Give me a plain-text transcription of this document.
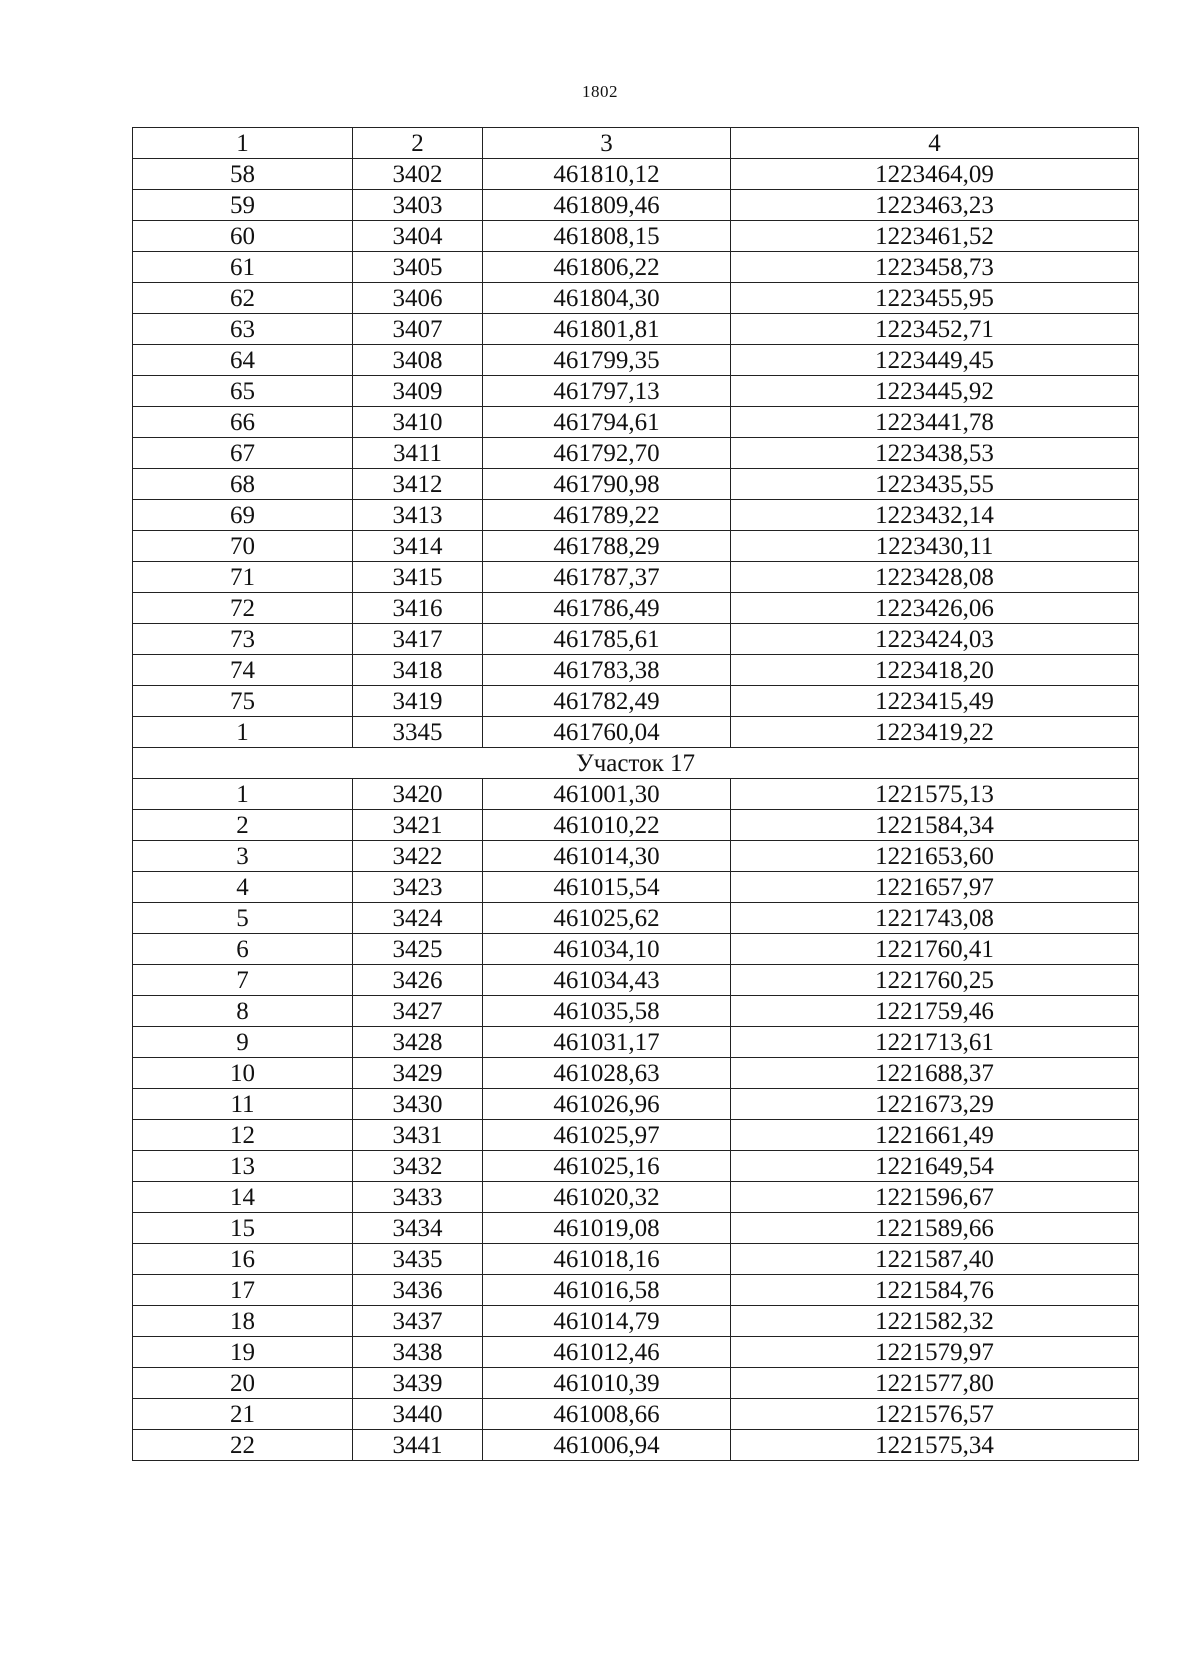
1802
1	2	3	4
58	3402	461810,12	1223464,09
59	3403	461809,46	1223463,23
60	3404	461808,15	1223461,52
61	3405	461806,22	1223458,73
62	3406	461804,30	1223455,95
63	3407	461801,81	1223452,71
64	3408	461799,35	1223449,45
65	3409	461797,13	1223445,92
66	3410	461794,61	1223441,78
67	3411	461792,70	1223438,53
68	3412	461790,98	1223435,55
69	3413	461789,22	1223432,14
70	3414	461788,29	1223430,11
71	3415	461787,37	1223428,08
72	3416	461786,49	1223426,06
73	3417	461785,61	1223424,03
74	3418	461783,38	1223418,20
75	3419	461782,49	1223415,49
1	3345	461760,04	1223419,22
Участок 17			
1	3420	461001,30	1221575,13
2	3421	461010,22	1221584,34
3	3422	461014,30	1221653,60
4	3423	461015,54	1221657,97
5	3424	461025,62	1221743,08
6	3425	461034,10	1221760,41
7	3426	461034,43	1221760,25
8	3427	461035,58	1221759,46
9	3428	461031,17	1221713,61
10	3429	461028,63	1221688,37
11	3430	461026,96	1221673,29
12	3431	461025,97	1221661,49
13	3432	461025,16	1221649,54
14	3433	461020,32	1221596,67
15	3434	461019,08	1221589,66
16	3435	461018,16	1221587,40
17	3436	461016,58	1221584,76
18	3437	461014,79	1221582,32
19	3438	461012,46	1221579,97
20	3439	461010,39	1221577,80
21	3440	461008,66	1221576,57
22	3441	461006,94	1221575,34
